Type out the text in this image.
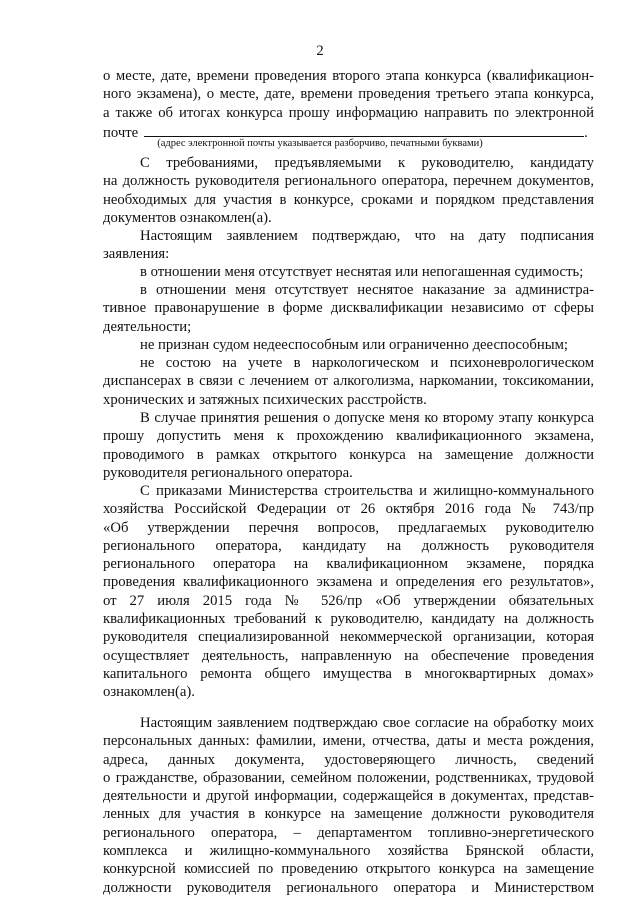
2
о месте, дате, времени проведения второго этапа конкурса (квалификацион-
ного экзамена), о месте, дате, времени проведения третьего этапа конкурса,
а также об итогах конкурса прошу информацию направить по электронной
почте	.
(адрес электронной почты указывается разборчиво, печатными буквами)
С требованиями, предъявляемыми к руководителю, кандидату
на должность руководителя регионального оператора, перечнем документов,
необходимых для участия в конкурсе, сроками и порядком представления
документов ознакомлен(а).
Настоящим заявлением подтверждаю, что на дату подписания
заявления:
в отношении меня отсутствует неснятая или непогашенная судимость;
в отношении меня отсутствует неснятое наказание за администра-
тивное правонарушение в форме дисквалификации независимо от сферы
деятельности;
не признан судом недееспособным или ограниченно дееспособным;
не состою на учете в наркологическом и психоневрологическом
диспансерах в связи с лечением от алкоголизма, наркомании, токсикомании,
хронических и затяжных психических расстройств.
В случае принятия решения о допуске меня ко второму этапу конкурса
прошу допустить меня к прохождению квалификационного экзамена,
проводимого в рамках открытого конкурса на замещение должности
руководителя регионального оператора.
С приказами Министерства строительства и жилищно-коммунального
хозяйства Российской Федерации от 26 октября 2016 года № 743/пр
«Об утверждении перечня вопросов, предлагаемых руководителю
регионального оператора, кандидату на должность руководителя
регионального оператора на квалификационном экзамене, порядка
проведения квалификационного экзамена и определения его результатов»,
от 27 июля 2015 года № 526/пр «Об утверждении обязательных
квалификационных требований к руководителю, кандидату на должность
руководителя специализированной некоммерческой организации, которая
осуществляет деятельность, направленную на обеспечение проведения
капитального ремонта общего имущества в многоквартирных домах»
ознакомлен(а).
Настоящим заявлением подтверждаю свое согласие на обработку моих
персональных данных: фамилии, имени, отчества, даты и места рождения,
адреса, данных документа, удостоверяющего личность, сведений
о гражданстве, образовании, семейном положении, родственниках, трудовой
деятельности и другой информации, содержащейся в документах, представ-
ленных для участия в конкурсе на замещение должности руководителя
регионального оператора, – департаментом топливно-энергетического
комплекса и жилищно-коммунального хозяйства Брянской области,
конкурсной комиссией по проведению открытого конкурса на замещение
должности руководителя регионального оператора и Министерством
